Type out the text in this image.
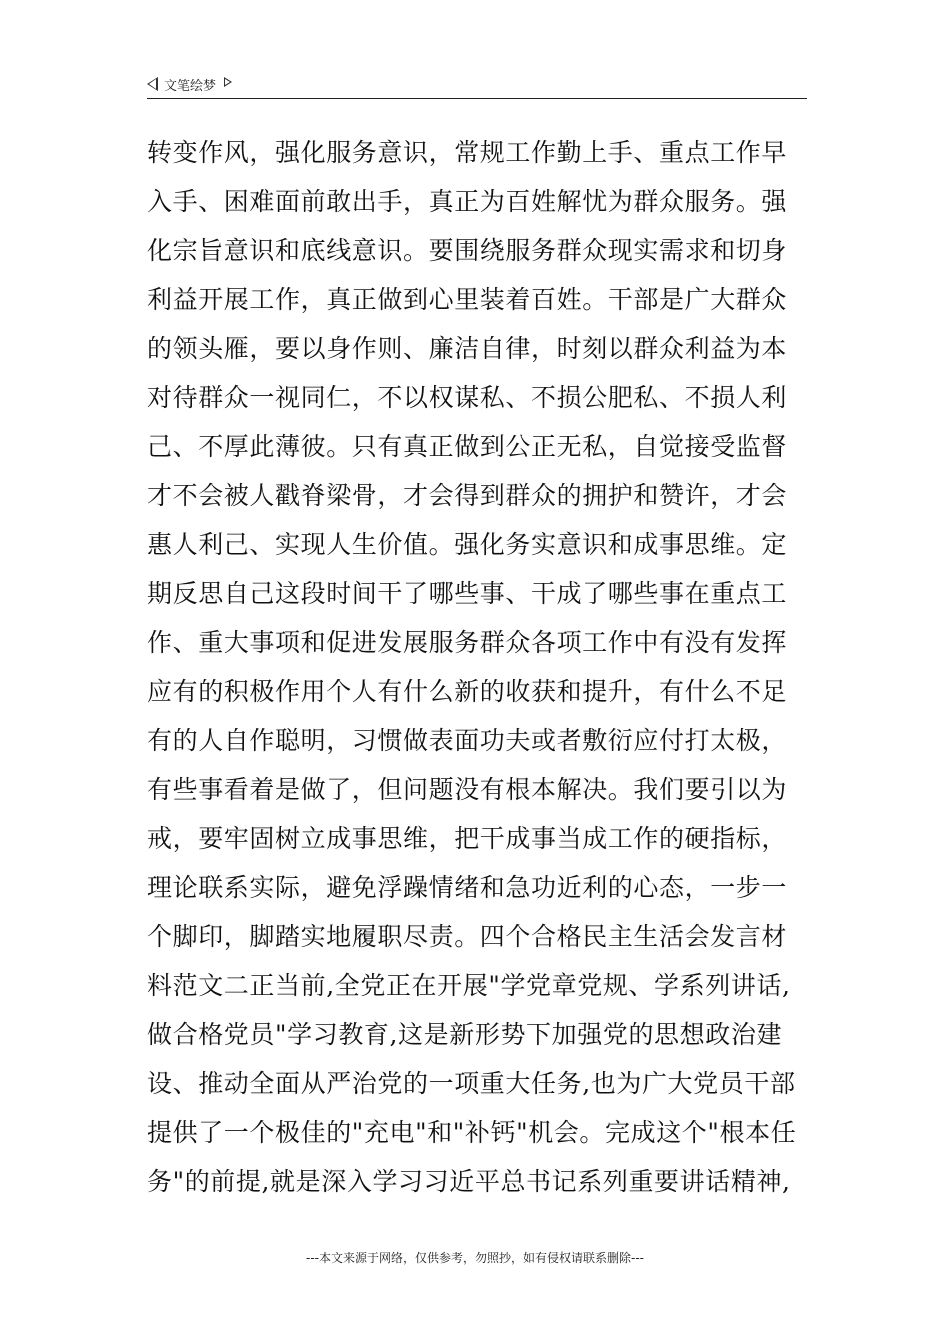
文笔绘梦
转变作风，强化服务意识，常规工作勤上手、重点工作早
入手、困难面前敢出手，真正为百姓解忧为群众服务。强
化宗旨意识和底线意识。要围绕服务群众现实需求和切身
利益开展工作，真正做到心里装着百姓。干部是广大群众
的领头雁，要以身作则、廉洁自律，时刻以群众利益为本
对待群众一视同仁，不以权谋私、不损公肥私、不损人利
己、不厚此薄彼。只有真正做到公正无私，自觉接受监督
才不会被人戳脊梁骨，才会得到群众的拥护和赞许，才会
惠人利己、实现人生价值。强化务实意识和成事思维。定
期反思自己这段时间干了哪些事、干成了哪些事在重点工
作、重大事项和促进发展服务群众各项工作中有没有发挥
应有的积极作用个人有什么新的收获和提升，有什么不足
有的人自作聪明，习惯做表面功夫或者敷衍应付打太极，
有些事看着是做了，但问题没有根本解决。我们要引以为
戒，要牢固树立成事思维，把干成事当成工作的硬指标，
理论联系实际，避免浮躁情绪和急功近利的心态，一步一
个脚印，脚踏实地履职尽责。四个合格民主生活会发言材
料范文二正当前,全党正在开展"学党章党规、学系列讲话,
做合格党员"学习教育,这是新形势下加强党的思想政治建
设、推动全面从严治党的一项重大任务,也为广大党员干部
提供了一个极佳的"充电"和"补钙"机会。完成这个"根本任
务"的前提,就是深入学习习近平总书记系列重要讲话精神,
---本文来源于网络，仅供参考，勿照抄，如有侵权请联系删除---
